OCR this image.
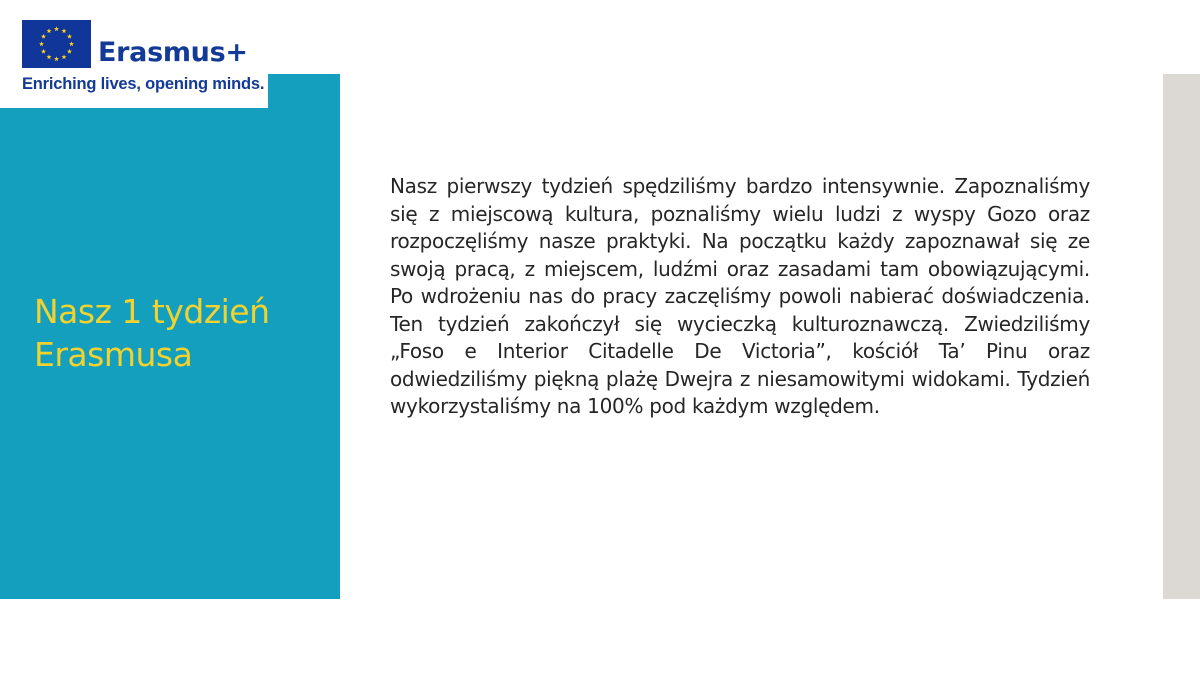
Erasmus+
Enriching lives, opening minds.
Nasz 1 tydzień Erasmusa

Nasz pierwszy tydzień spędziliśmy bardzo intensywnie. Zapoznaliśmy się z miejscową kultura, poznaliśmy wielu ludzi z wyspy Gozo oraz rozpoczęliśmy nasze praktyki. Na początku każdy zapoznawał się ze swoją pracą, z miejscem, ludźmi oraz zasadami tam obowiązującymi. Po wdrożeniu nas do pracy zaczęliśmy powoli nabierać doświadczenia. Ten tydzień zakończył się wycieczką kulturoznawczą. Zwiedziliśmy „Foso e Interior Citadelle De Victoria”, kościół Ta’ Pinu oraz odwiedziliśmy piękną plażę Dwejra z niesamowitymi widokami. Tydzień wykorzystaliśmy na 100% pod każdym względem.
